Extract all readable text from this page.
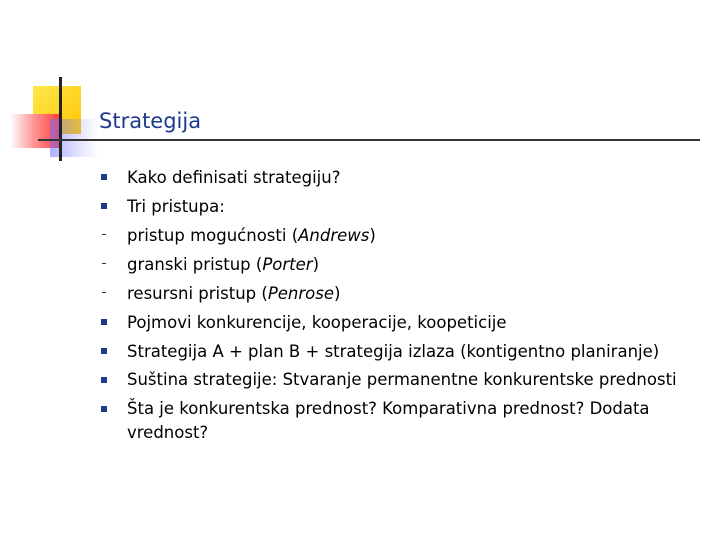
Strategija
Kako definisati strategiju?
Tri pristupa:
pristup mogućnosti (Andrews)
granski pristup (Porter)
resursni pristup (Penrose)
Pojmovi konkurencije, kooperacije, koopeticije
Strategija A + plan B + strategija izlaza (kontigentno planiranje)
Suština strategije: Stvaranje permanentne konkurentske prednosti
Šta je konkurentska prednost? Komparativna prednost? Dodata vrednost?
